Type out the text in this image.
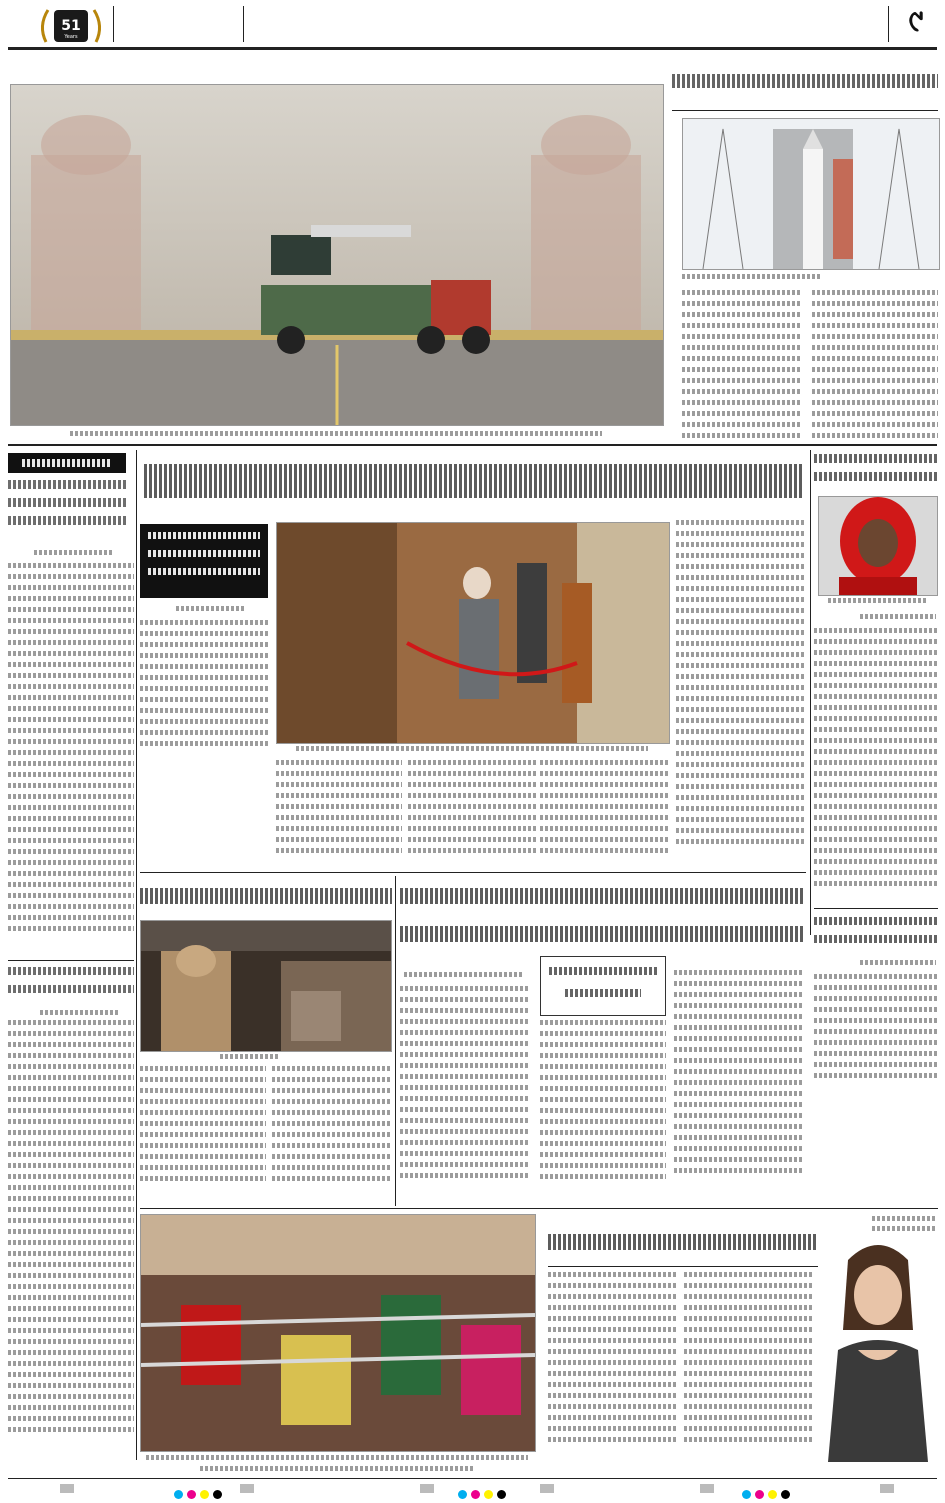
51
Years	୯
